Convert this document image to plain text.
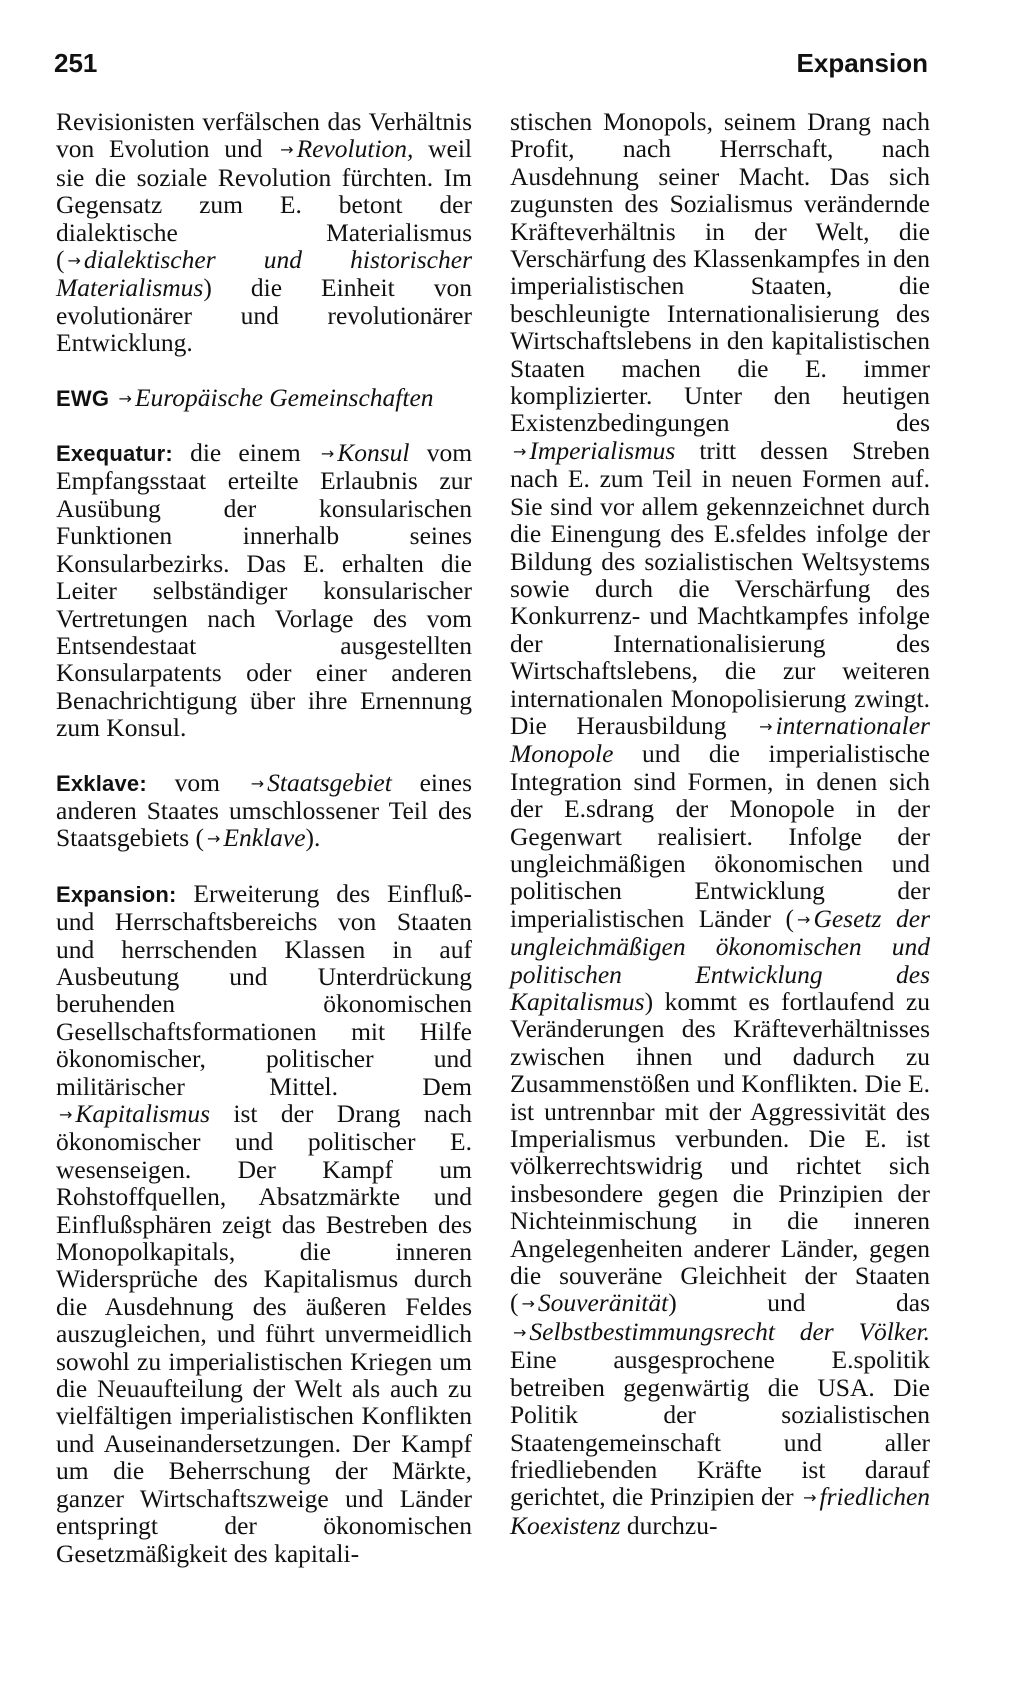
251	Expansion

Revisionisten verfälschen das Verhältnis von Evolution und → Revolution, weil sie die soziale Revolution fürchten. Im Gegensatz zum E. betont der dialektische Materialismus ( → dialektischer und historischer Materialismus) die Einheit von evolutionärer und revolutionärer Entwicklung.

EWG → Europäische Gemeinschaften

Exequatur: die einem → Konsul vom Empfangsstaat erteilte Erlaubnis zur Ausübung der konsularischen Funktionen innerhalb seines Konsularbezirks. Das E. erhalten die Leiter selbständiger konsularischer Vertretungen nach Vorlage des vom Entsendestaat ausgestellten Konsularpatents oder einer anderen Benachrichtigung über ihre Ernennung zum Konsul.

Exklave: vom → Staatsgebiet eines anderen Staates umschlossener Teil des Staatsgebiets ( → Enklave).

Expansion: Erweiterung des Einfluß- und Herrschaftsbereichs von Staaten und herrschenden Klassen in auf Ausbeutung und Unterdrückung beruhenden ökonomischen Gesellschaftsformationen mit Hilfe ökonomischer, politischer und militärischer Mittel. Dem → Kapitalismus ist der Drang nach ökonomischer und politischer E. wesenseigen. Der Kampf um Rohstoffquellen, Absatzmärkte und Einflußsphären zeigt das Bestreben des Monopolkapitals, die inneren Widersprüche des Kapitalismus durch die Ausdehnung des äußeren Feldes auszugleichen, und führt unvermeidlich sowohl zu imperialistischen Kriegen um die Neuaufteilung der Welt als auch zu vielfältigen imperialistischen Konflikten und Auseinandersetzungen. Der Kampf um die Beherrschung der Märkte, ganzer Wirtschaftszweige und Länder entspringt der ökonomischen Gesetzmäßigkeit des kapitali-

stischen Monopols, seinem Drang nach Profit, nach Herrschaft, nach Ausdehnung seiner Macht. Das sich zugunsten des Sozialismus verändernde Kräfteverhältnis in der Welt, die Verschärfung des Klassenkampfes in den imperialistischen Staaten, die beschleunigte Internationalisierung des Wirtschaftslebens in den kapitalistischen Staaten machen die E. immer komplizierter. Unter den heutigen Existenzbedingungen des → Imperialismus tritt dessen Streben nach E. zum Teil in neuen Formen auf. Sie sind vor allem gekennzeichnet durch die Einengung des E.sfeldes infolge der Bildung des sozialistischen Weltsystems sowie durch die Verschärfung des Konkurrenz- und Machtkampfes infolge der Internationalisierung des Wirtschaftslebens, die zur weiteren internationalen Monopolisierung zwingt. Die Herausbildung → internationaler Monopole und die imperialistische Integration sind Formen, in denen sich der E.sdrang der Monopole in der Gegenwart realisiert. Infolge der ungleichmäßigen ökonomischen und politischen Entwicklung der imperialistischen Länder ( → Gesetz der ungleichmäßigen ökonomischen und politischen Entwicklung des Kapitalismus) kommt es fortlaufend zu Veränderungen des Kräfteverhältnisses zwischen ihnen und dadurch zu Zusammenstößen und Konflikten. Die E. ist untrennbar mit der Aggressivität des Imperialismus verbunden. Die E. ist völkerrechtswidrig und richtet sich insbesondere gegen die Prinzipien der Nichteinmischung in die inneren Angelegenheiten anderer Länder, gegen die souveräne Gleichheit der Staaten ( → Souveränität) und das → Selbstbestimmungsrecht der Völker. Eine ausgesprochene E.spolitik betreiben gegenwärtig die USA. Die Politik der sozialistischen Staatengemeinschaft und aller friedliebenden Kräfte ist darauf gerichtet, die Prinzipien der → friedlichen Koexistenz durchzu-
